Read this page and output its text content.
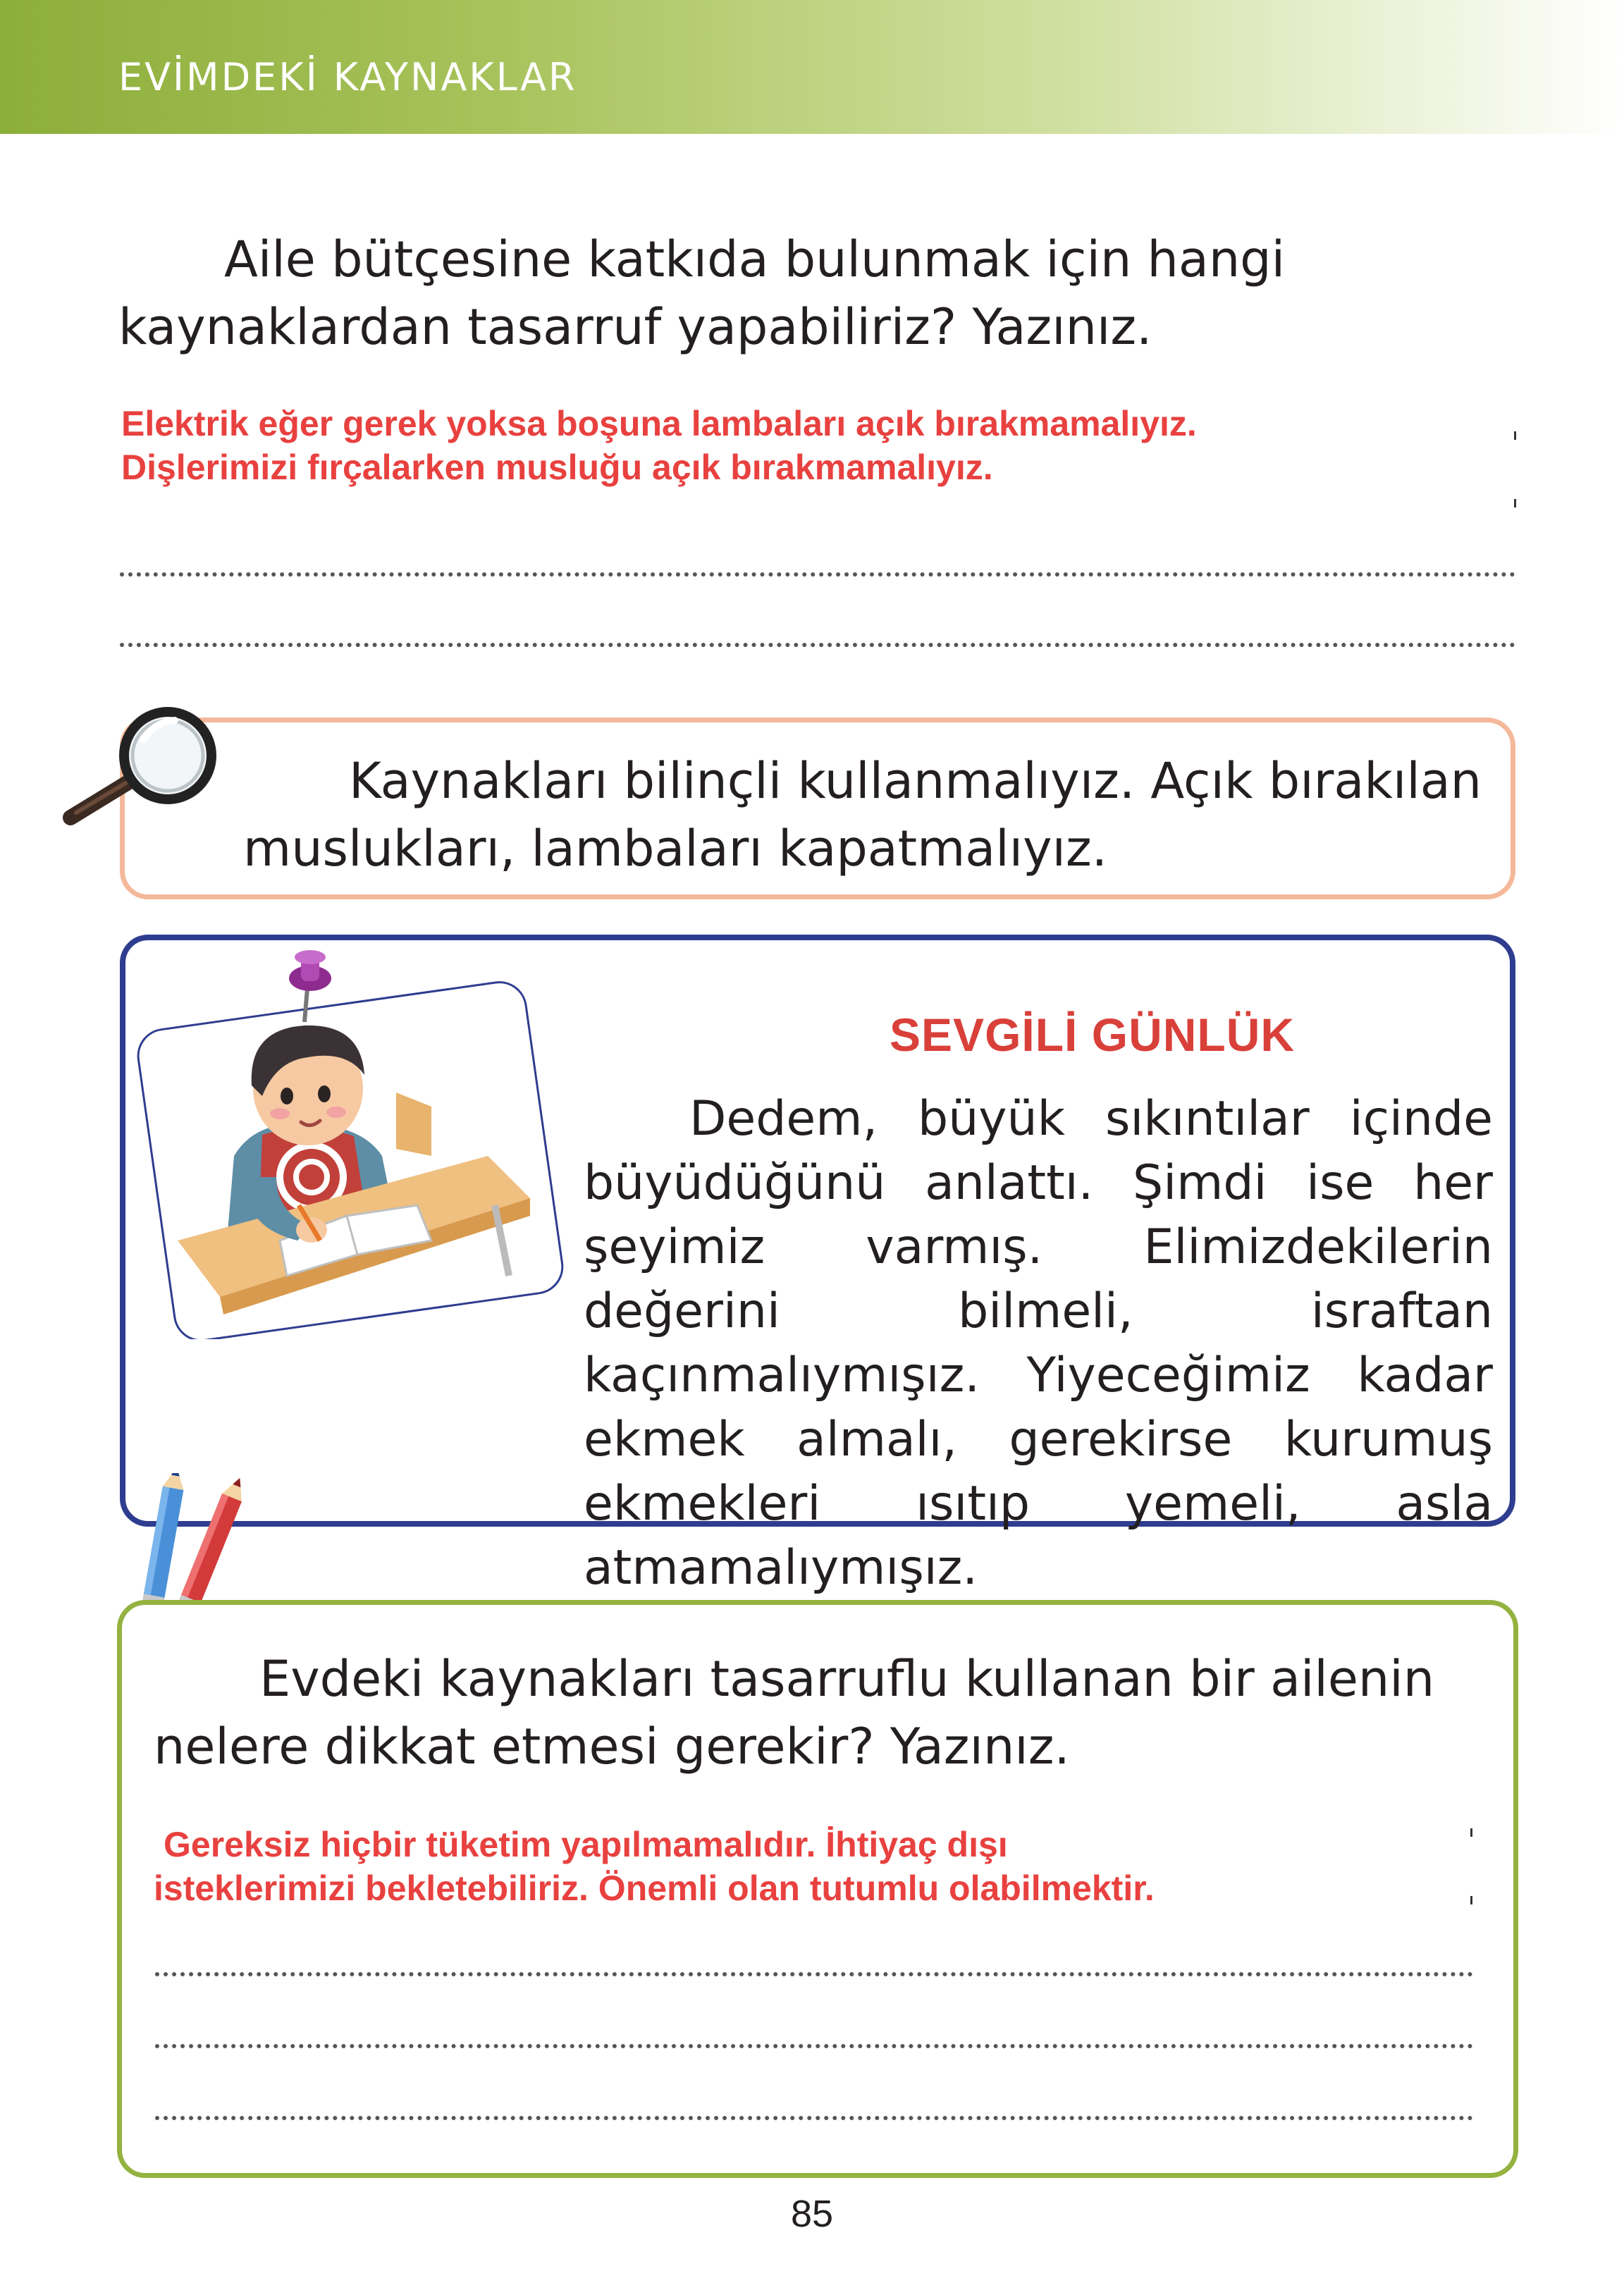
EVİMDEKİ KAYNAKLAR
Aile bütçesine katkıda bulunmak için hangi kaynaklardan tasarruf yapabiliriz? Yazınız.
Elektrik eğer gerek yoksa boşuna lambaları açık bırakmamalıyız.
Dişlerimizi fırçalarken musluğu açık bırakmamalıyız.
Kaynakları bilinçli kullanmalıyız. Açık bırakılan muslukları, lambaları kapatmalıyız.
SEVGİLİ GÜNLÜK
Dedem, büyük sıkıntılar içinde büyüdüğünü anlattı. Şimdi ise her şeyimiz varmış. Elimizdekilerin değerini bilmeli, israftan kaçınmalıymışız. Yiyeceğimiz kadar ekmek almalı, gerekirse kurumuş ekmekleri ısıtıp yemeli, asla atmamalıymışız.
Evdeki kaynakları tasarruflu kullanan bir ailenin nelere dikkat etmesi gerekir? Yazınız.
Gereksiz hiçbir tüketim yapılmamalıdır. İhtiyaç dışı
isteklerimizi bekletebiliriz. Önemli olan tutumlu olabilmektir.
85
